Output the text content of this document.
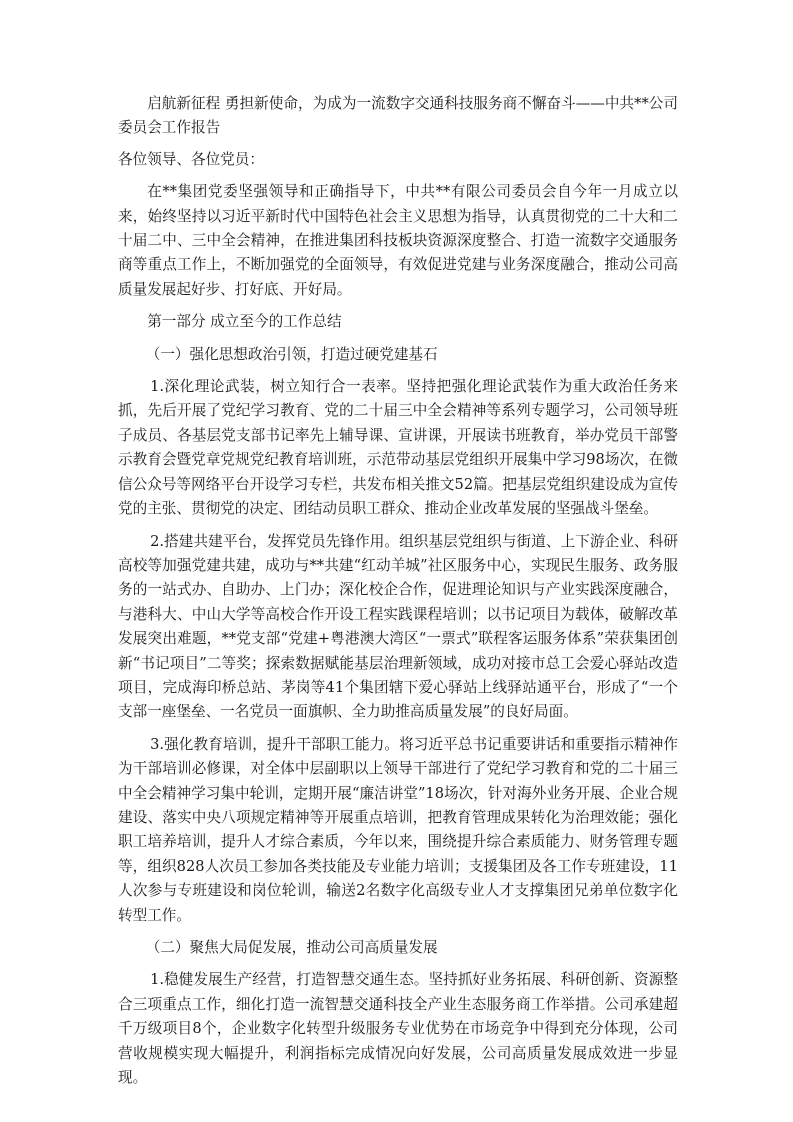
启航新征程 勇担新使命，为成为一流数字交通科技服务商不懈奋斗——中共**公司委员会工作报告

各位领导、各位党员：

在**集团党委坚强领导和正确指导下，中共**有限公司委员会自今年一月成立以来，始终坚持以习近平新时代中国特色社会主义思想为指导，认真贯彻党的二十大和二十届二中、三中全会精神，在推进集团科技板块资源深度整合、打造一流数字交通服务商等重点工作上，不断加强党的全面领导，有效促进党建与业务深度融合，推动公司高质量发展起好步、打好底、开好局。

第一部分 成立至今的工作总结

（一）强化思想政治引领，打造过硬党建基石

1.深化理论武装，树立知行合一表率。坚持把强化理论武装作为重大政治任务来抓，先后开展了党纪学习教育、党的二十届三中全会精神等系列专题学习，公司领导班子成员、各基层党支部书记率先上辅导课、宣讲课，开展读书班教育，举办党员干部警示教育会暨党章党规党纪教育培训班，示范带动基层党组织开展集中学习98场次，在微信公众号等网络平台开设学习专栏，共发布相关推文52篇。把基层党组织建设成为宣传党的主张、贯彻党的决定、团结动员职工群众、推动企业改革发展的坚强战斗堡垒。

2.搭建共建平台，发挥党员先锋作用。组织基层党组织与街道、上下游企业、科研高校等加强党建共建，成功与**共建“红动羊城”社区服务中心，实现民生服务、政务服务的一站式办、自助办、上门办；深化校企合作，促进理论知识与产业实践深度融合，与港科大、中山大学等高校合作开设工程实践课程培训；以书记项目为载体，破解改革发展突出难题，**党支部“党建+粤港澳大湾区“一票式”联程客运服务体系”荣获集团创新“书记项目”二等奖；探索数据赋能基层治理新领域，成功对接市总工会爱心驿站改造项目，完成海印桥总站、茅岗等41个集团辖下爱心驿站上线驿站通平台，形成了“一个支部一座堡垒、一名党员一面旗帜、全力助推高质量发展”的良好局面。

3.强化教育培训，提升干部职工能力。将习近平总书记重要讲话和重要指示精神作为干部培训必修课，对全体中层副职以上领导干部进行了党纪学习教育和党的二十届三中全会精神学习集中轮训，定期开展“廉洁讲堂”18场次，针对海外业务开展、企业合规建设、落实中央八项规定精神等开展重点培训，把教育管理成果转化为治理效能；强化职工培养培训，提升人才综合素质，今年以来，围绕提升综合素质能力、财务管理专题等，组织828人次员工参加各类技能及专业能力培训；支援集团及各工作专班建设，11人次参与专班建设和岗位轮训，输送2名数字化高级专业人才支撑集团兄弟单位数字化转型工作。

（二）聚焦大局促发展，推动公司高质量发展

1.稳健发展生产经营，打造智慧交通生态。坚持抓好业务拓展、科研创新、资源整合三项重点工作，细化打造一流智慧交通科技全产业生态服务商工作举措。公司承建超千万级项目8个，企业数字化转型升级服务专业优势在市场竞争中得到充分体现，公司营收规模实现大幅提升，利润指标完成情况向好发展，公司高质量发展成效进一步显现。
